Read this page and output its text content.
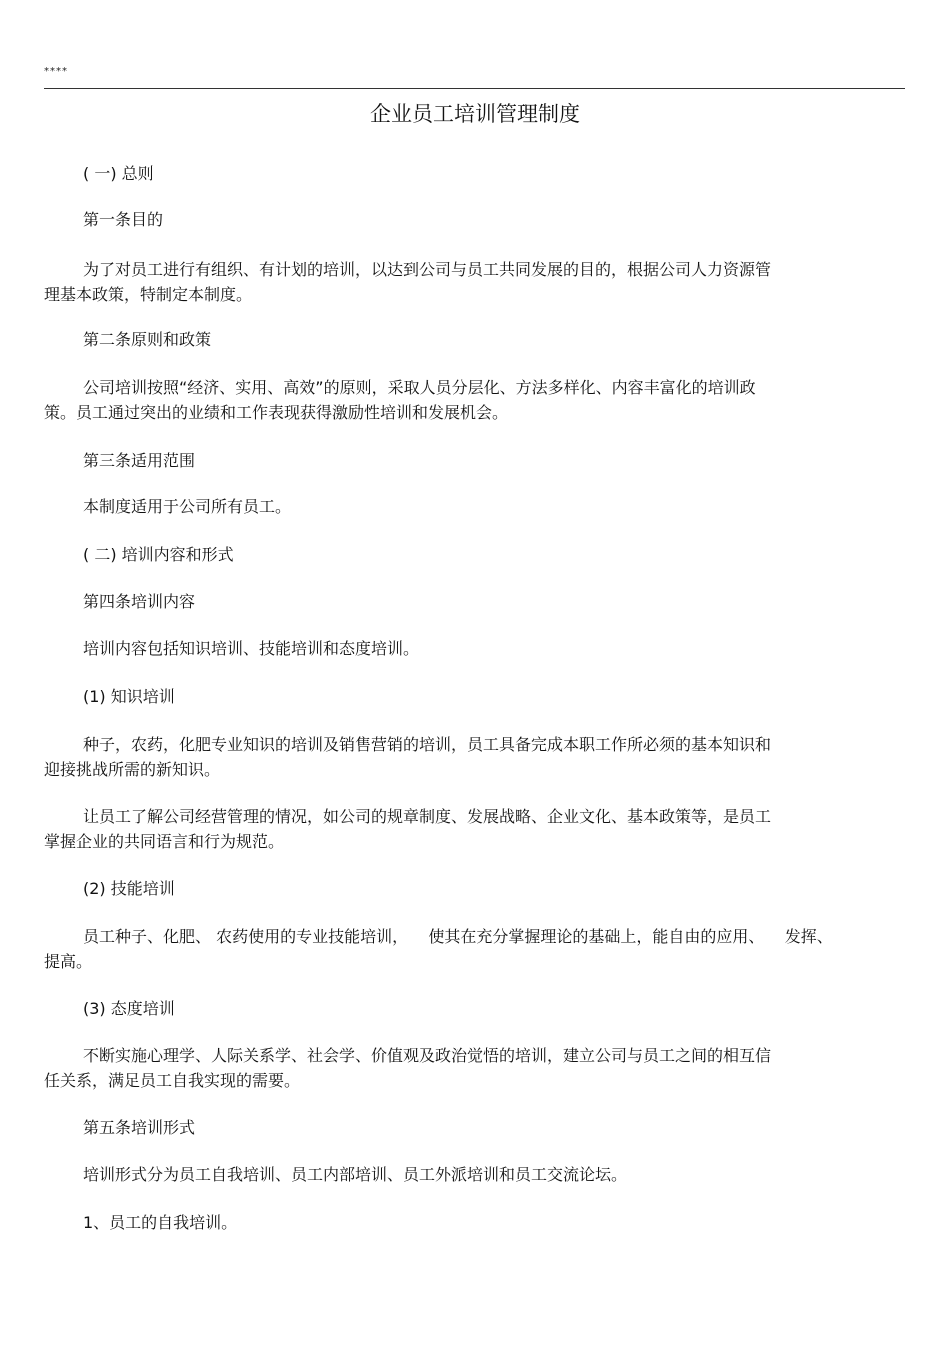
****
企业员工培训管理制度
( 一) 总则
第一条目的
为了对员工进行有组织、有计划的培训，以达到公司与员工共同发展的目的，根据公司人力资源管
理基本政策，特制定本制度。
第二条原则和政策
公司培训按照“经济、实用、高效”的原则，采取人员分层化、方法多样化、内容丰富化的培训政
策。员工通过突出的业绩和工作表现获得激励性培训和发展机会。
第三条适用范围
本制度适用于公司所有员工。
( 二) 培训内容和形式
第四条培训内容
培训内容包括知识培训、技能培训和态度培训。
(1) 知识培训
种子，农药，化肥专业知识的培训及销售营销的培训，员工具备完成本职工作所必须的基本知识和
迎接挑战所需的新知识。
让员工了解公司经营管理的情况，如公司的规章制度、发展战略、企业文化、基本政策等，是员工
掌握企业的共同语言和行为规范。
(2) 技能培训
员工种子、化肥、 农药使用的专业技能培训，    使其在充分掌握理论的基础上，能自由的应用、    发挥、
提高。
(3) 态度培训
不断实施心理学、人际关系学、社会学、价值观及政治觉悟的培训，建立公司与员工之间的相互信
任关系，满足员工自我实现的需要。
第五条培训形式
培训形式分为员工自我培训、员工内部培训、员工外派培训和员工交流论坛。
1、员工的自我培训。
